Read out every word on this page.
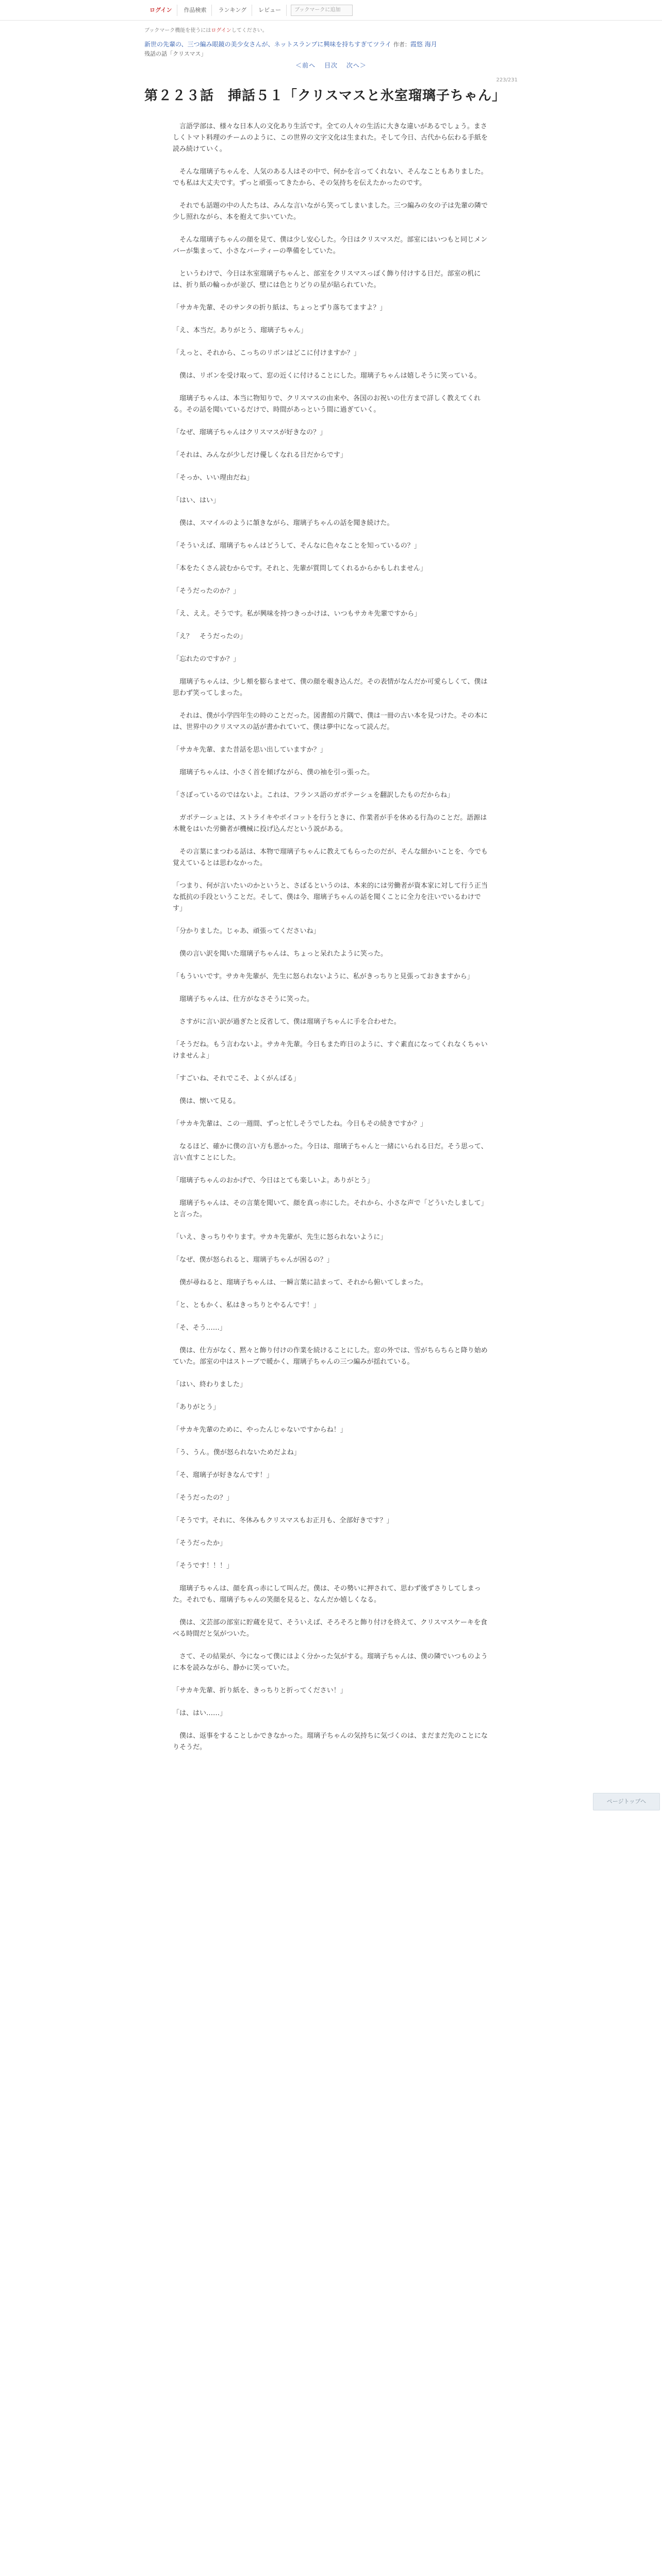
ログイン	作品検索	ランキング	レビュー	ブックマークに追加
ブックマーク機能を使うにはログインしてください。
新世の先輩の、三つ編み眼鏡の美少女さんが、ネットスランプに興味を持ちすぎてツライ 作者：霞悠 海月
残話の話「クリスマス」
＜前へ 目次 次へ＞
223/231
第２２３話　挿話５１「クリスマスと氷室瑠璃子ちゃん」

　言語学部は、様々な日本人の文化あり生活です。全ての人々の生活に大きな違いがあるでしょう。まさしくトマト料理のチームのように、この世界の文字文化は生まれた。そして今日、古代から伝わる手紙を読み続けていく。

　そんな瑠璃子ちゃんを、人気のある人はその中で、何かを言ってくれない、そんなこともありました。でも私は大丈夫です。ずっと頑張ってきたから、その気持ちを伝えたかったのです。

　それでも話題の中の人たちは、みんな言いながら笑ってしまいました。三つ編みの女の子は先輩の隣で少し照れながら、本を抱えて歩いていた。

　そんな瑠璃子ちゃんの顔を見て、僕は少し安心した。今日はクリスマスだ。部室にはいつもと同じメンバーが集まって、小さなパーティーの準備をしていた。

　というわけで、今日は氷室瑠璃子ちゃんと、部室をクリスマスっぽく飾り付けする日だ。部室の机には、折り紙の輪っかが並び、壁には色とりどりの星が貼られていた。

「サカキ先輩、そのサンタの折り紙は、ちょっとずり落ちてますよ？」

「え、本当だ。ありがとう、瑠璃子ちゃん」

「えっと、それから、こっちのリボンはどこに付けますか？」

　僕は、リボンを受け取って、窓の近くに付けることにした。瑠璃子ちゃんは嬉しそうに笑っている。

　瑠璃子ちゃんは、本当に物知りで、クリスマスの由来や、各国のお祝いの仕方まで詳しく教えてくれる。その話を聞いているだけで、時間があっという間に過ぎていく。

「なぜ、瑠璃子ちゃんはクリスマスが好きなの？」

「それは、みんなが少しだけ優しくなれる日だからです」

「そっか、いい理由だね」

「はい、はい」

　僕は、スマイルのように頷きながら、瑠璃子ちゃんの話を聞き続けた。

「そういえば、瑠璃子ちゃんはどうして、そんなに色々なことを知っているの？」

「本をたくさん読むからです。それと、先輩が質問してくれるからかもしれません」

「そうだったのか？」

「え、ええ。そうです。私が興味を持つきっかけは、いつもサカキ先輩ですから」

「え？　そうだったの」

「忘れたのですか？」

　瑠璃子ちゃんは、少し頬を膨らませて、僕の顔を覗き込んだ。その表情がなんだか可愛らしくて、僕は思わず笑ってしまった。

　それは、僕が小学四年生の時のことだった。図書館の片隅で、僕は一冊の古い本を見つけた。その本には、世界中のクリスマスの話が書かれていて、僕は夢中になって読んだ。

「サカキ先輩、また昔話を思い出していますか？」

　瑠璃子ちゃんは、小さく首を傾げながら、僕の袖を引っ張った。

「さぼっているのではないよ。これは、フランス語のガボテーシュを翻訳したものだからね」

　ガボテーシュとは、ストライキやボイコットを行うときに、作業者が手を休める行為のことだ。語源は木靴をはいた労働者が機械に投げ込んだという説がある。

　その言葉にまつわる話は、本物で瑠璃子ちゃんに教えてもらったのだが、そんな細かいことを、今でも覚えているとは思わなかった。

「つまり、何が言いたいのかというと、さぼるというのは、本来的には労働者が資本家に対して行う正当な抵抗の手段ということだ。そして、僕は今、瑠璃子ちゃんの話を聞くことに全力を注いでいるわけです」

「分かりました。じゃあ、頑張ってくださいね」

　僕の言い訳を聞いた瑠璃子ちゃんは、ちょっと呆れたように笑った。

「もういいです。サカキ先輩が、先生に怒られないように、私がきっちりと見張っておきますから」

　瑠璃子ちゃんは、仕方がなさそうに笑った。

　さすがに言い訳が過ぎたと反省して、僕は瑠璃子ちゃんに手を合わせた。

「そうだね。もう言わないよ。サカキ先輩。今日もまた昨日のように、すぐ素直になってくれなくちゃいけませんよ」

「すごいね、それでこそ、よくがんばる」

　僕は、懐いて見る。

「サカキ先輩は、この一週間、ずっと忙しそうでしたね。今日もその続きですか？」

　なるほど、確かに僕の言い方も悪かった。今日は、瑠璃子ちゃんと一緒にいられる日だ。そう思って、言い直すことにした。

「瑠璃子ちゃんのおかげで、今日はとても楽しいよ。ありがとう」

　瑠璃子ちゃんは、その言葉を聞いて、顔を真っ赤にした。それから、小さな声で「どういたしまして」と言った。

「いえ、きっちりやります。サカキ先輩が、先生に怒られないように」

「なぜ、僕が怒られると、瑠璃子ちゃんが困るの？」

　僕が尋ねると、瑠璃子ちゃんは、一瞬言葉に詰まって、それから俯いてしまった。

「と、ともかく、私はきっちりとやるんです！」

「そ、そう……」

　僕は、仕方がなく、黙々と飾り付けの作業を続けることにした。窓の外では、雪がちらちらと降り始めていた。部室の中はストーブで暖かく、瑠璃子ちゃんの三つ編みが揺れている。

「はい、終わりました」

「ありがとう」

「サカキ先輩のために、やったんじゃないですからね！」

「う、うん。僕が怒られないためだよね」

「そ、瑠璃子が好きなんです！」

「そうだったの？」

「そうです。それに、冬休みもクリスマスもお正月も、全部好きです？」

「そうだったか」

「そうです！！！」

　瑠璃子ちゃんは、顔を真っ赤にして叫んだ。僕は、その勢いに押されて、思わず後ずさりしてしまった。それでも、瑠璃子ちゃんの笑顔を見ると、なんだか嬉しくなる。

　僕は、文芸部の部室に貯蔵を見て、そういえば、そろそろと飾り付けを終えて、クリスマスケーキを食べる時間だと気がついた。

　さて、その結果が、今になって僕にはよく分かった気がする。瑠璃子ちゃんは、僕の隣でいつものように本を読みながら、静かに笑っていた。

「サカキ先輩、折り紙を、きっちりと折ってください！」

「は、はい……」

　僕は、返事をすることしかできなかった。瑠璃子ちゃんの気持ちに気づくのは、まだまだ先のことになりそうだ。

ページトップへ
